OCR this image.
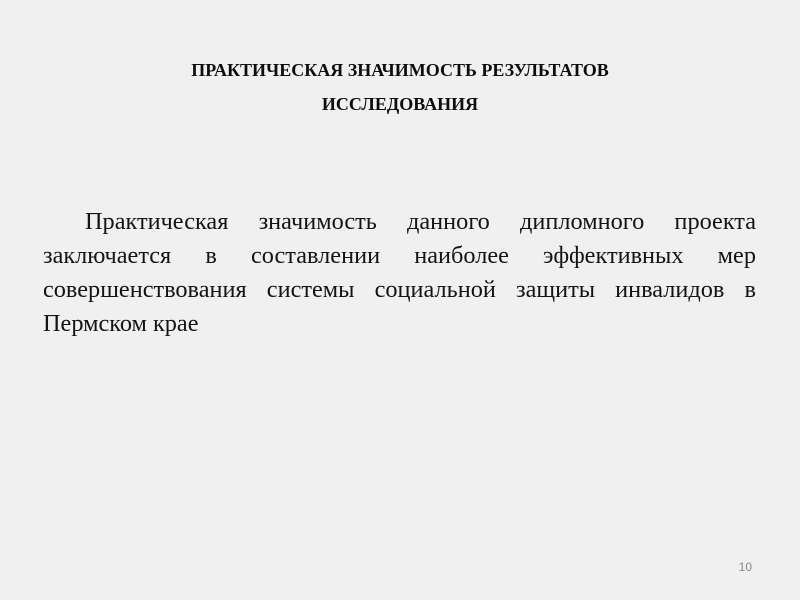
ПРАКТИЧЕСКАЯ ЗНАЧИМОСТЬ РЕЗУЛЬТАТОВ
ИССЛЕДОВАНИЯ

Практическая значимость данного дипломного проекта заключается в составлении наиболее эффективных мер совершенствования системы социальной защиты инвалидов в Пермском крае

10
